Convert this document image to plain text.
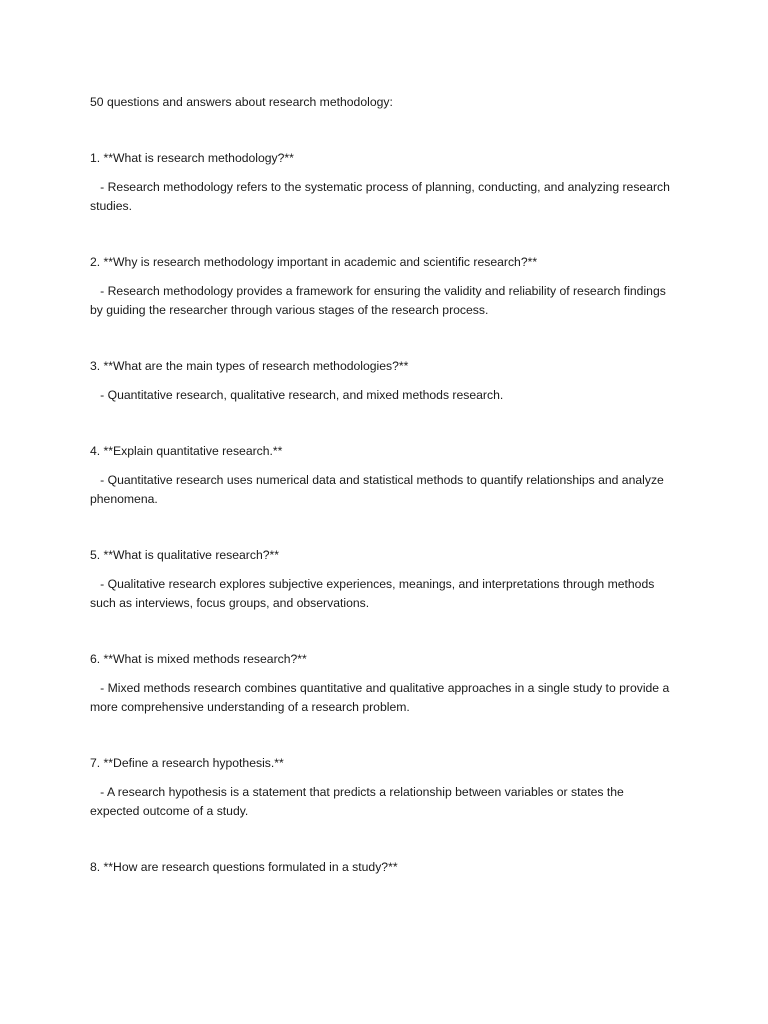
50 questions and answers about research methodology:

1. **What is research methodology?**

- Research methodology refers to the systematic process of planning, conducting, and analyzing research studies.

2. **Why is research methodology important in academic and scientific research?**

- Research methodology provides a framework for ensuring the validity and reliability of research findings by guiding the researcher through various stages of the research process.

3. **What are the main types of research methodologies?**

- Quantitative research, qualitative research, and mixed methods research.

4. **Explain quantitative research.**

- Quantitative research uses numerical data and statistical methods to quantify relationships and analyze phenomena.

5. **What is qualitative research?**

- Qualitative research explores subjective experiences, meanings, and interpretations through methods such as interviews, focus groups, and observations.

6. **What is mixed methods research?**

- Mixed methods research combines quantitative and qualitative approaches in a single study to provide a more comprehensive understanding of a research problem.

7. **Define a research hypothesis.**

- A research hypothesis is a statement that predicts a relationship between variables or states the expected outcome of a study.

8. **How are research questions formulated in a study?**
